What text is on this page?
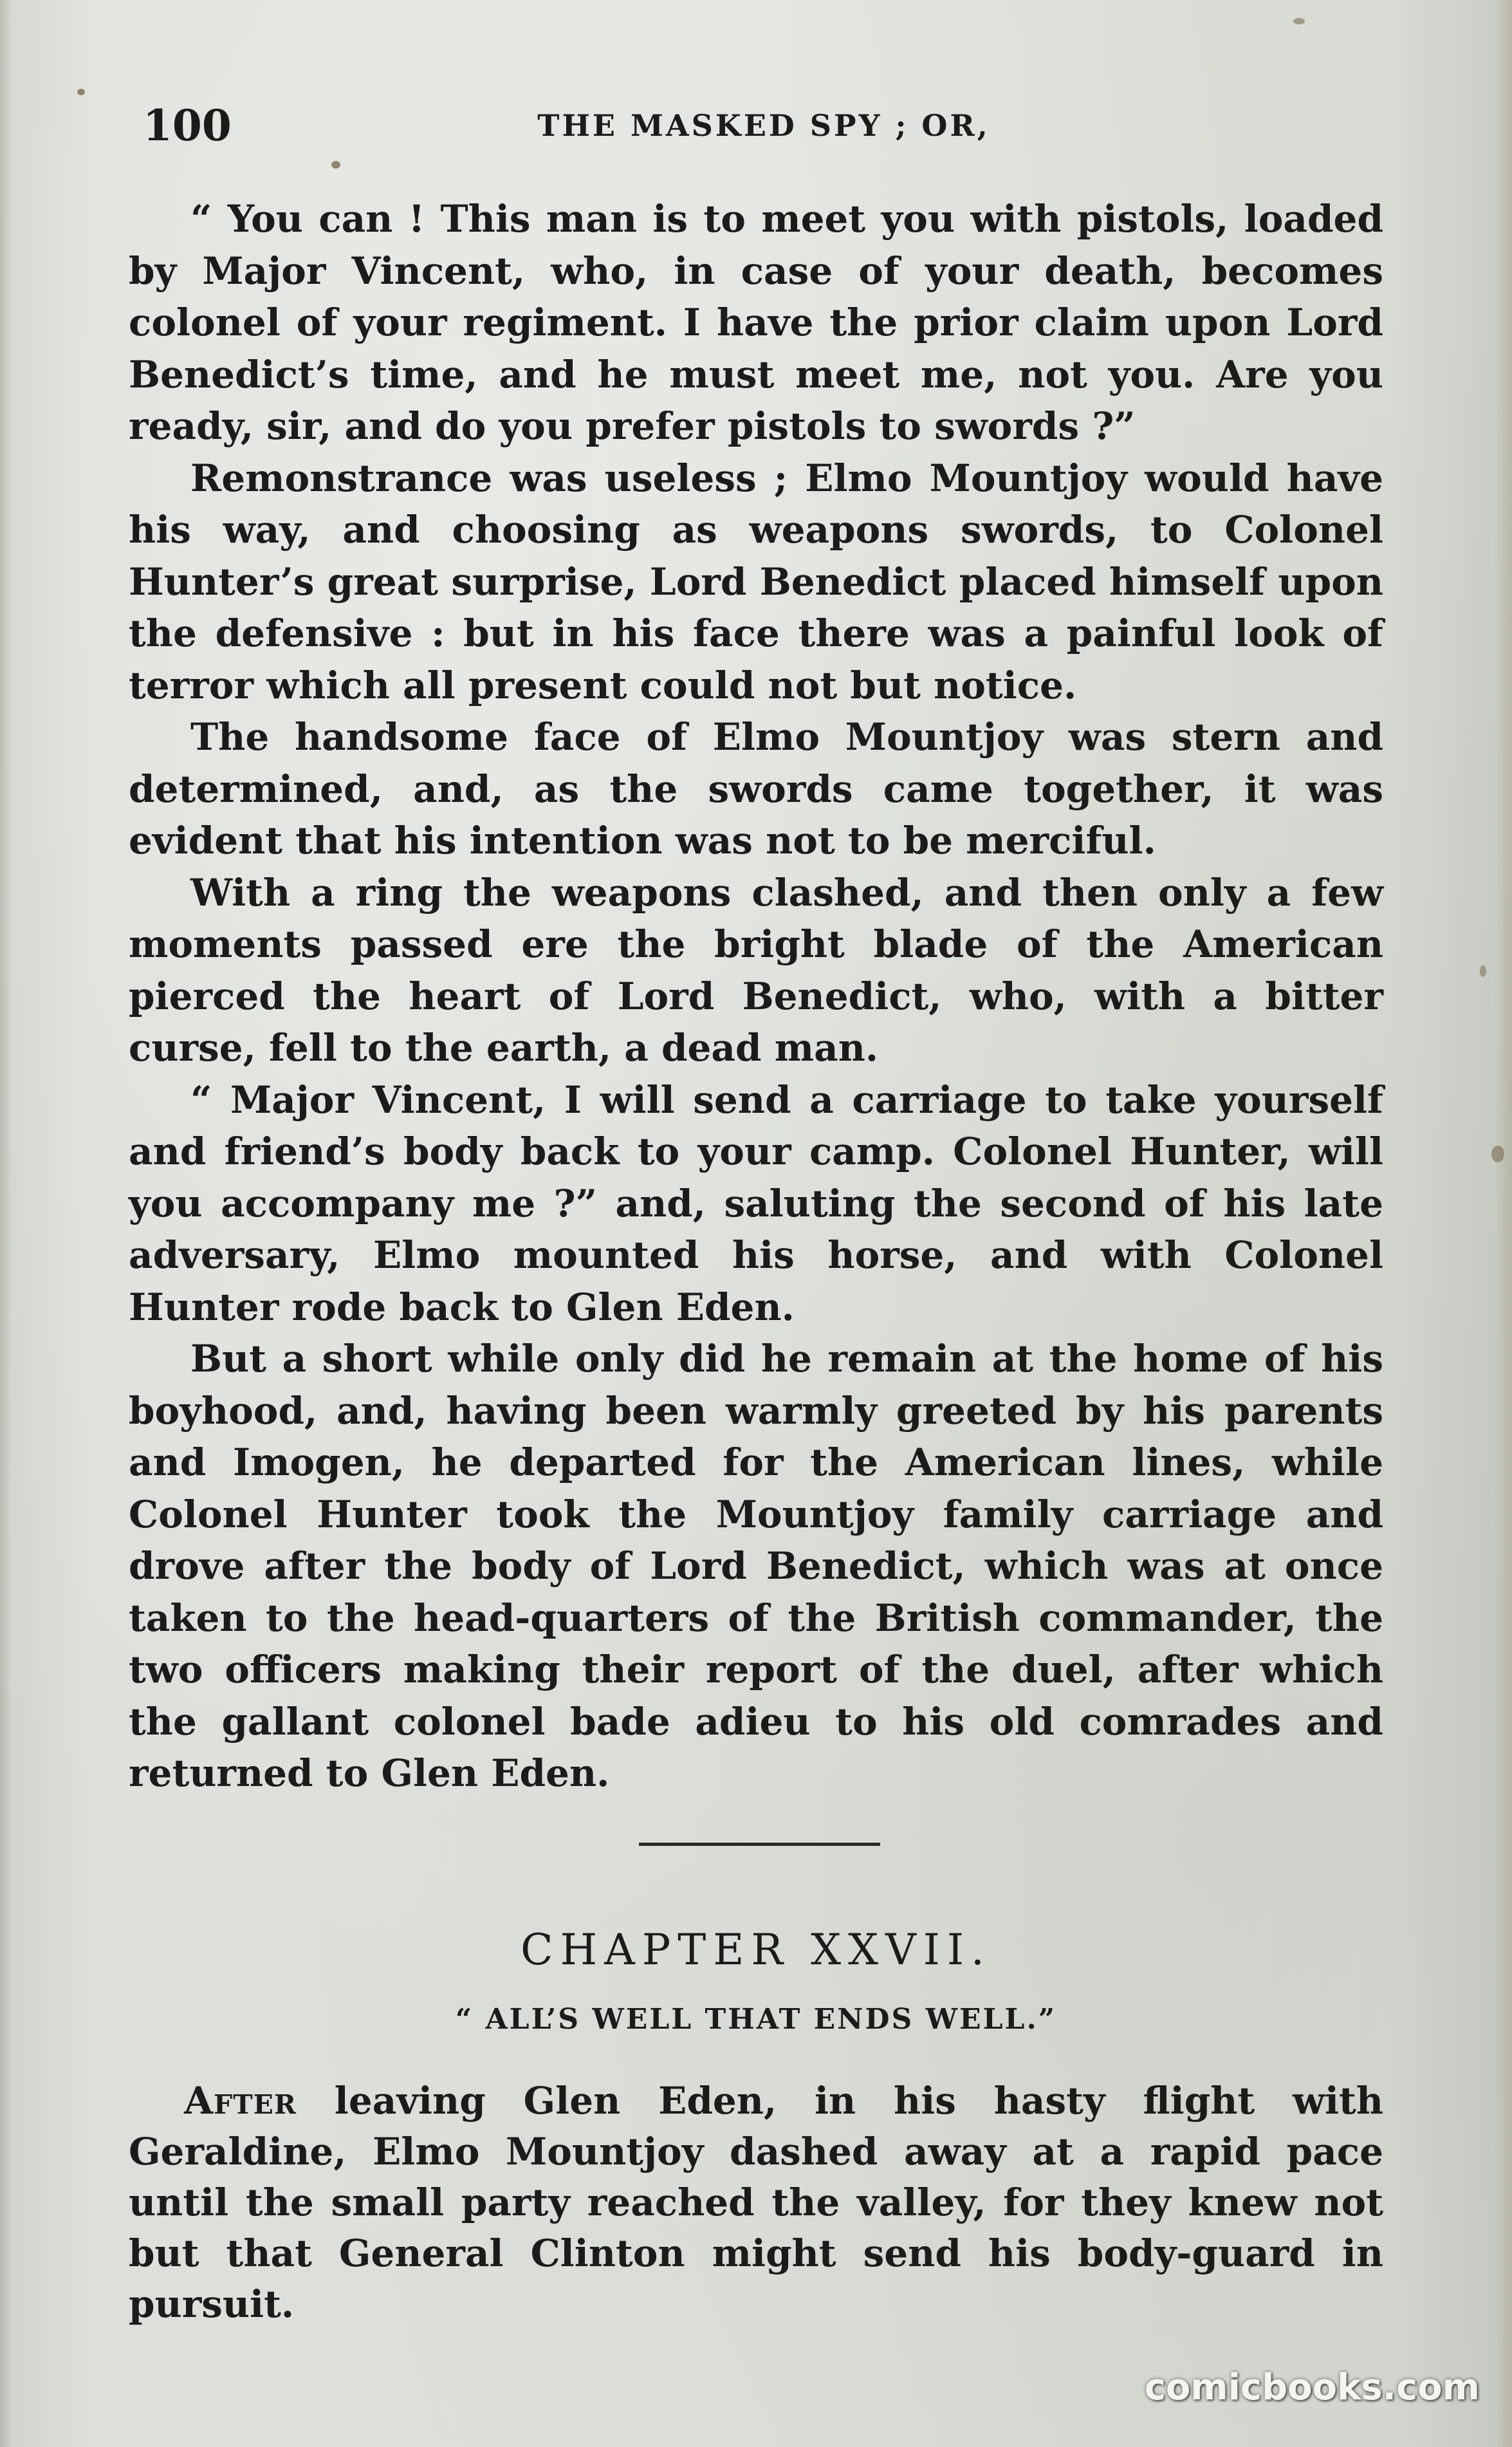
100	THE MASKED SPY ; OR,

“ You can ! This man is to meet you with pistols, loaded by Major Vincent, who, in case of your death, becomes colonel of your regiment. I have the prior claim upon Lord Benedict’s time, and he must meet me, not you. Are you ready, sir, and do you prefer pistols to swords ?”

Remonstrance was useless ; Elmo Mountjoy would have his way, and choosing as weapons swords, to Colonel Hunter’s great surprise, Lord Benedict placed himself upon the defensive : but in his face there was a painful look of terror which all present could not but notice.

The handsome face of Elmo Mountjoy was stern and determined, and, as the swords came together, it was evident that his intention was not to be merciful.

With a ring the weapons clashed, and then only a few moments passed ere the bright blade of the American pierced the heart of Lord Benedict, who, with a bitter curse, fell to the earth, a dead man.

“ Major Vincent, I will send a carriage to take yourself and friend’s body back to your camp. Colonel Hunter, will you accompany me ?” and, saluting the second of his late adversary, Elmo mounted his horse, and with Colonel Hunter rode back to Glen Eden.

But a short while only did he remain at the home of his boyhood, and, having been warmly greeted by his parents and Imogen, he departed for the American lines, while Colonel Hunter took the Mountjoy family carriage and drove after the body of Lord Benedict, which was at once taken to the head-quarters of the British commander, the two officers making their report of the duel, after which the gallant colonel bade adieu to his old comrades and returned to Glen Eden.

CHAPTER XXVII.
“ ALL’S WELL THAT ENDS WELL.”

After leaving Glen Eden, in his hasty flight with Geraldine, Elmo Mountjoy dashed away at a rapid pace until the small party reached the valley, for they knew not but that General Clinton might send his body-guard in pursuit.

comicbooks.com
